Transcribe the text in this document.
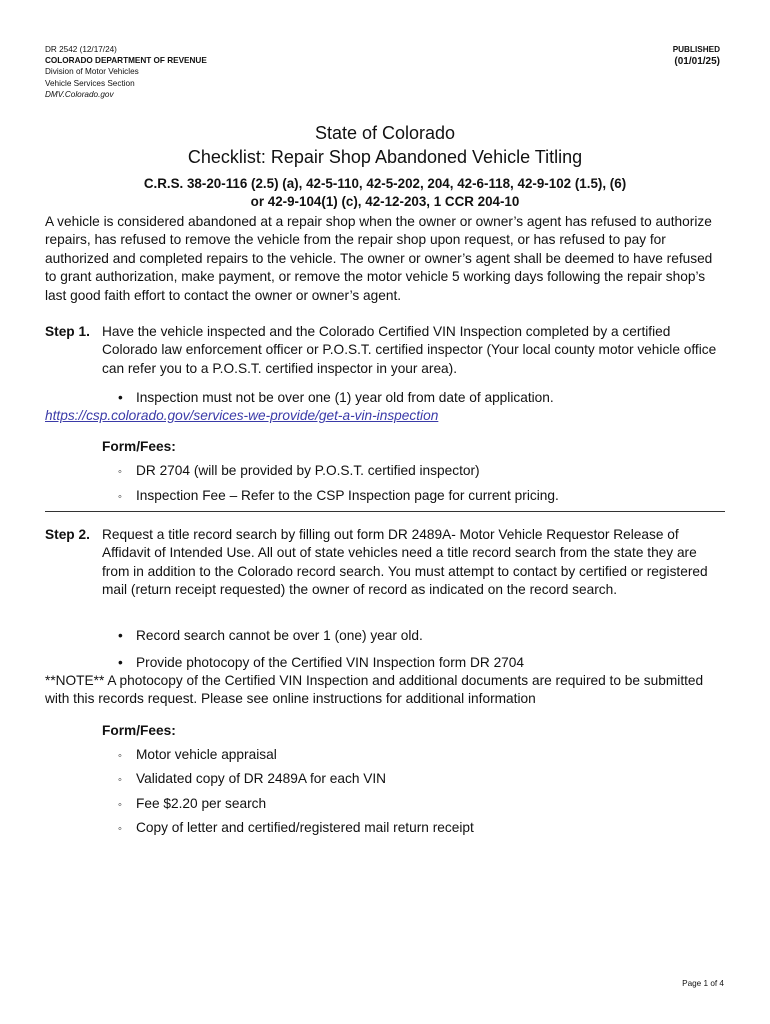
DR 2542 (12/17/24)
COLORADO DEPARTMENT OF REVENUE
Division of Motor Vehicles
Vehicle Services Section
DMV.Colorado.gov
PUBLISHED
(01/01/25)
State of Colorado
Checklist: Repair Shop Abandoned Vehicle Titling
C.R.S. 38-20-116 (2.5) (a), 42-5-110, 42-5-202, 204, 42-6-118, 42-9-102 (1.5), (6)
or 42-9-104(1) (c), 42-12-203, 1 CCR 204-10
A vehicle is considered abandoned at a repair shop when the owner or owner’s agent has refused to authorize repairs, has refused to remove the vehicle from the repair shop upon request, or has refused to pay for authorized and completed repairs to the vehicle. The owner or owner’s agent shall be deemed to have refused to grant authorization, make payment, or remove the motor vehicle 5 working days following the repair shop’s last good faith effort to contact the owner or owner’s agent.
Step 1. Have the vehicle inspected and the Colorado Certified VIN Inspection completed by a certified Colorado law enforcement officer or P.O.S.T. certified inspector (Your local county motor vehicle office can refer you to a P.O.S.T. certified inspector in your area).
• Inspection must not be over one (1) year old from date of application.
https://csp.colorado.gov/services-we-provide/get-a-vin-inspection
Form/Fees:
◦ DR 2704 (will be provided by P.O.S.T. certified inspector)
◦ Inspection Fee – Refer to the CSP Inspection page for current pricing.
Step 2. Request a title record search by filling out form DR 2489A- Motor Vehicle Requestor Release of Affidavit of Intended Use. All out of state vehicles need a title record search from the state they are from in addition to the Colorado record search. You must attempt to contact by certified or registered mail (return receipt requested) the owner of record as indicated on the record search.
• Record search cannot be over 1 (one) year old.
• Provide photocopy of the Certified VIN Inspection form DR 2704
**NOTE** A photocopy of the Certified VIN Inspection and additional documents are required to be submitted with this records request. Please see online instructions for additional information
Form/Fees:
◦ Motor vehicle appraisal
◦ Validated copy of DR 2489A for each VIN
◦ Fee $2.20 per search
◦ Copy of letter and certified/registered mail return receipt
Page 1 of 4
